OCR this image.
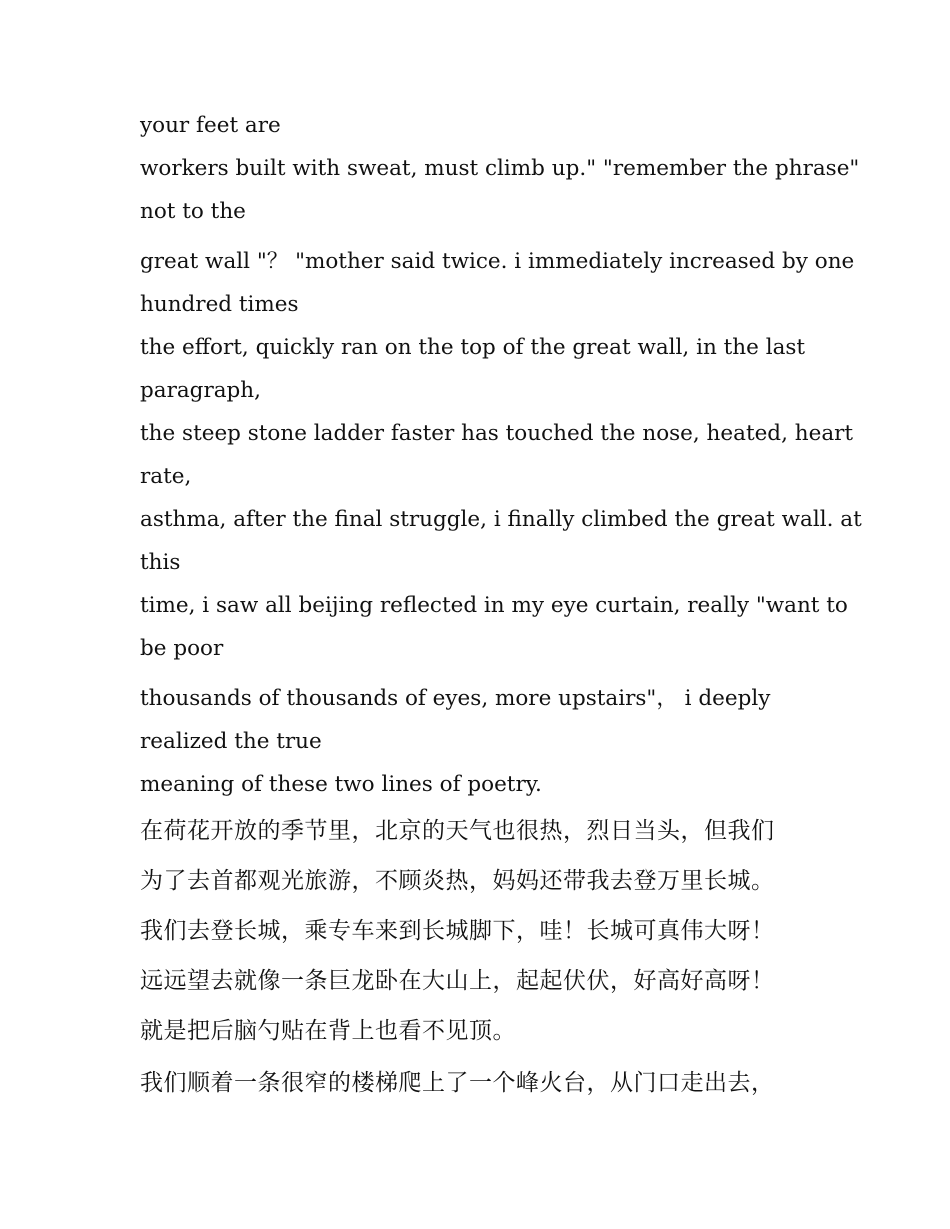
your feet are

workers built with sweat, must climb up." "remember the phrase"

not to the

great wall "？ "mother said twice. i immediately increased by one

hundred times

the effort, quickly ran on the top of the great wall, in the last

paragraph,

the steep stone ladder faster has touched the nose, heated, heart

rate,

asthma, after the final struggle, i finally climbed the great wall. at

this

time, i saw all beijing reflected in my eye curtain, really "want to

be poor

thousands of thousands of eyes, more upstairs"， i deeply

realized the true

meaning of these two lines of poetry.

在荷花开放的季节里，北京的天气也很热，烈日当头，但我们

为了去首都观光旅游，不顾炎热，妈妈还带我去登万里长城。

我们去登长城，乘专车来到长城脚下，哇！长城可真伟大呀！

远远望去就像一条巨龙卧在大山上，起起伏伏，好高好高呀！

就是把后脑勺贴在背上也看不见顶。

我们顺着一条很窄的楼梯爬上了一个峰火台，从门口走出去，
